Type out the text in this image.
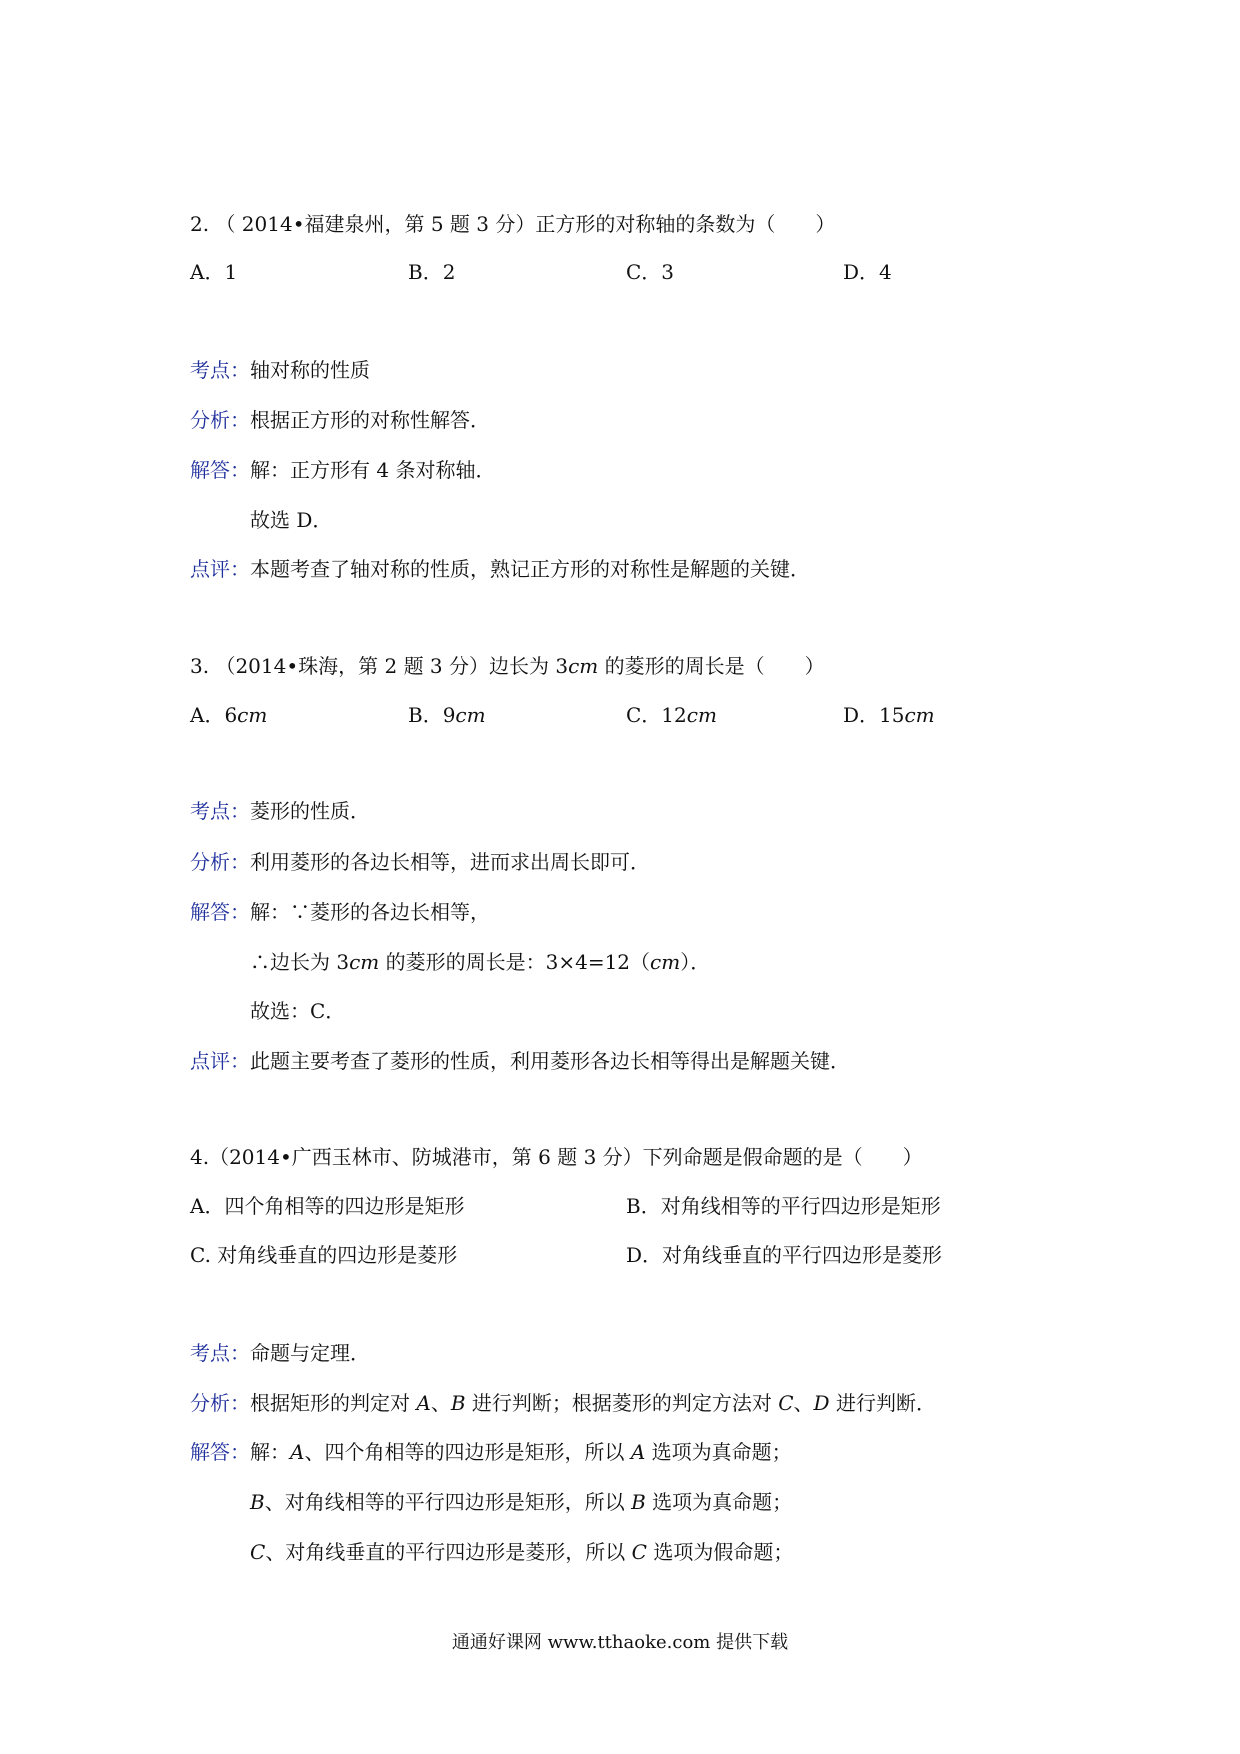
2. （ 2014•福建泉州，第 5 题 3 分）正方形的对称轴的条数为（　　）
A．1	B．2	C．3	D．4
考点：轴对称的性质
分析：根据正方形的对称性解答．
解答：解：正方形有 4 条对称轴．
故选 D．
点评：本题考查了轴对称的性质，熟记正方形的对称性是解题的关键．
3. （2014•珠海，第 2 题 3 分）边长为 3cm 的菱形的周长是（　　）
A．6cm	B．9cm	C．12cm	D．15cm
考点：菱形的性质．
分析：利用菱形的各边长相等，进而求出周长即可．
解答：解：∵菱形的各边长相等，
∴边长为 3cm 的菱形的周长是：3×4=12（cm）．
故选：C．
点评：此题主要考查了菱形的性质，利用菱形各边长相等得出是解题关键．
4.（2014•广西玉林市、防城港市，第 6 题 3 分）下列命题是假命题的是（　　）
A．四个角相等的四边形是矩形	B．对角线相等的平行四边形是矩形
C. 对角线垂直的四边形是菱形	D．对角线垂直的平行四边形是菱形
考点：命题与定理．
分析：根据矩形的判定对 A、B 进行判断；根据菱形的判定方法对 C、D 进行判断．
解答：解：A、四个角相等的四边形是矩形，所以 A 选项为真命题；
B、对角线相等的平行四边形是矩形，所以 B 选项为真命题；
C、对角线垂直的平行四边形是菱形，所以 C 选项为假命题；
通通好课网 www.tthaoke.com 提供下载
